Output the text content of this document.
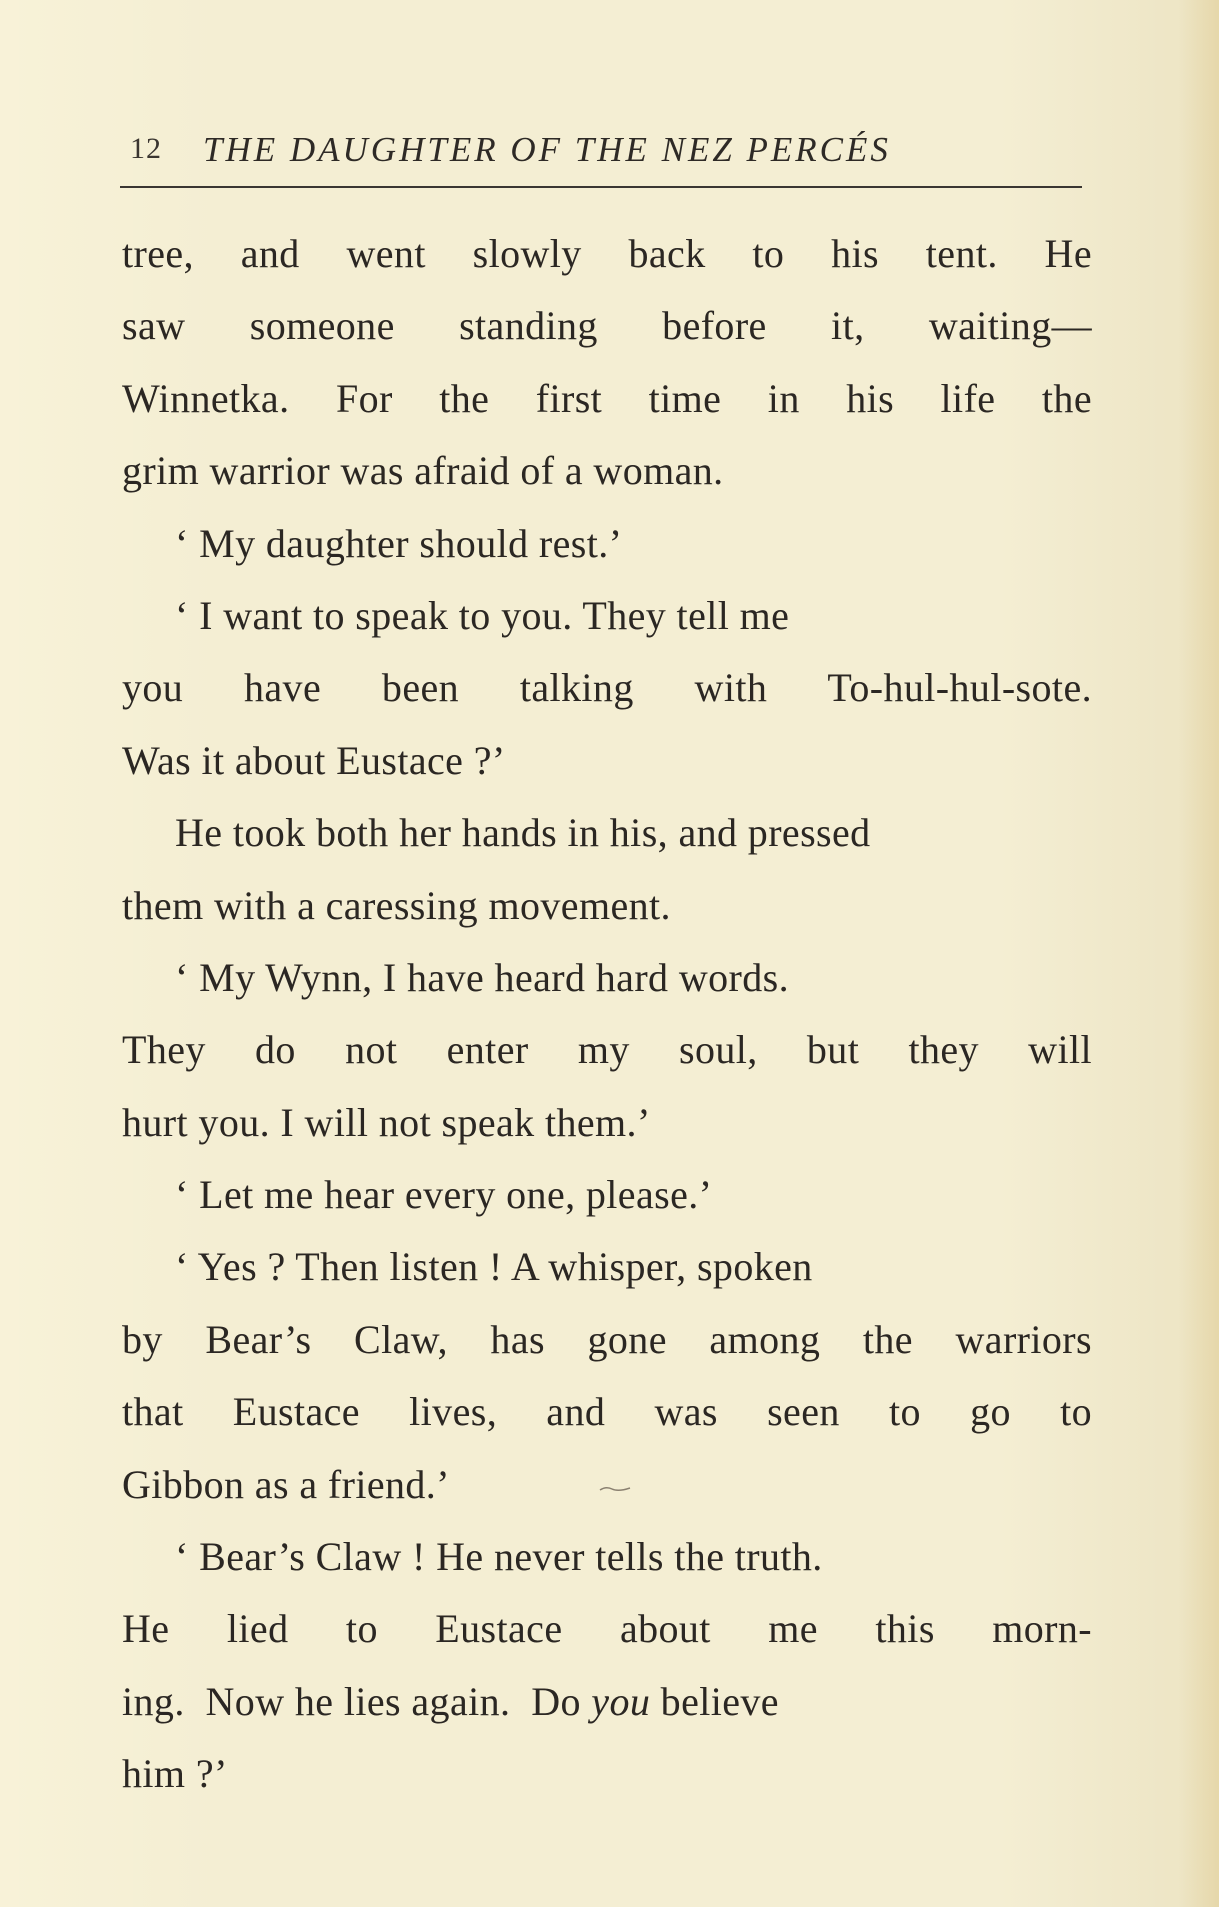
12 THE DAUGHTER OF THE NEZ PERCÉS
tree, and went slowly back to his tent. He
saw someone standing before it, waiting—
Winnetka. For the first time in his life the
grim warrior was afraid of a woman.
‘ My daughter should rest.’
‘ I want to speak to you. They tell me
you have been talking with To-hul-hul-sote.
Was it about Eustace ?’
He took both her hands in his, and pressed
them with a caressing movement.
‘ My Wynn, I have heard hard words.
They do not enter my soul, but they will
hurt you. I will not speak them.’
‘ Let me hear every one, please.’
‘ Yes ? Then listen ! A whisper, spoken
by Bear’s Claw, has gone among the warriors
that Eustace lives, and was seen to go to
Gibbon as a friend.’
‘ Bear’s Claw ! He never tells the truth.
He lied to Eustace about me this morn-
ing.  Now he lies again.  Do you believe
him ?’
